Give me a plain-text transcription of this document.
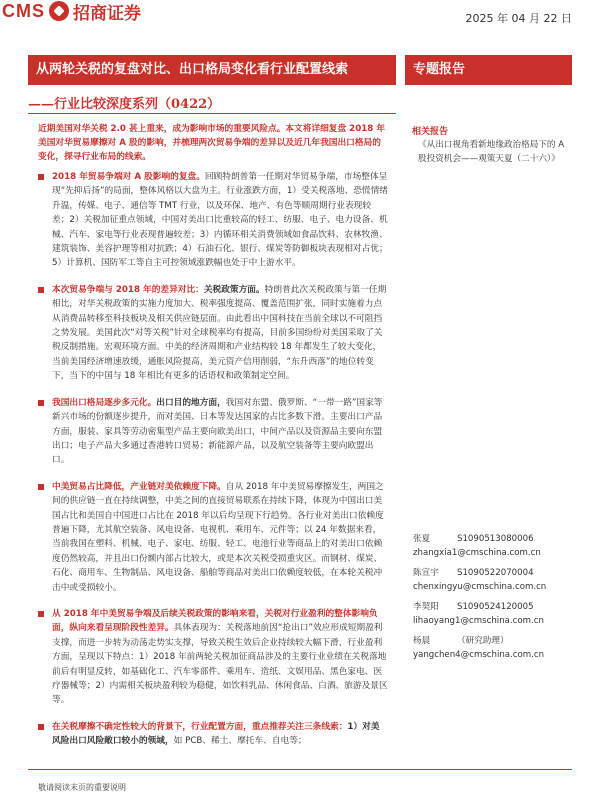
CMS 招商证券	2025 年 04 月 22 日
从两轮关税的复盘对比、出口格局变化看行业配置线索	专题报告
——行业比较深度系列（0422）

近期美国对华关税 2.0 甚上重来，成为影响市场的重要风险点。本文将详细复盘 2018 年美国对华贸易摩擦对 A 股的影响，并梳理两次贸易争端的差异以及近几年我国出口格局的变化，探寻行业布局的线索。

2018 年贸易争端对 A 股影响的复盘。回顾特朗普第一任期对华贸易争端，市场整体呈现“先抑后扬”的局面，整体风格以大盘为主。行业涨跌方面，1）受关税落地、恐慌情绪升温，传媒、电子、通信等 TMT 行业，以及环保、地产、有色等顺周期行业表现较差；2）关税加征重点领域，中国对美出口比重较高的轻工、纺服、电子、电力设备、机械、汽车、家电等行业表现普遍较差；3）内循环相关消费领域如食品饮料、农林牧渔、建筑装饰、美容护理等相对抗跌；4）石油石化、银行、煤炭等防御板块表现相对占优；5）计算机、国防军工等自主可控领域涨跌幅也处于中上游水平。

本次贸易争端与 2018 年的差异对比：关税政策方面。特朗普此次关税政策与第一任期相比，对华关税政策的实施力度加大、税率强度提高、覆盖范围扩张，同时实施着力点从消费品转移至科技板块及相关供应链层面。由此看出中国科技在当前全球以不可阻挡之势发展。美国此次“对等关税”针对全球税率均有提高，目前多国纷纷对美国采取了关税反制措施。宏观环境方面。中美的经济周期和产业结构较 18 年都发生了较大变化，当前美国经济增速放缓，通胀风险提高，美元资产信用削弱，“东升西落”的地位转变下，当下的中国与 18 年相比有更多的话语权和政策制定空间。

我国出口格局逐步多元化。出口目的地方面，我国对东盟、俄罗斯、“一带一路”国家等新兴市场的份额逐步提升，而对美国、日本等发达国家的占比多数下滑。主要出口产品方面，服装、家具等劳动密集型产品主要向欧美出口，中间产品以及资源品主要向东盟出口；电子产品大多通过香港转口贸易；新能源产品，以及航空装备等主要向欧盟出口。

中美贸易占比降低，产业链对美依赖度下降。自从 2018 年中美贸易摩擦发生，两国之间的供应链一直在持续调整，中美之间的直接贸易联系在持续下降，体现为中国出口美国占比和美国自中国进口占比在 2018 年以后均呈现下行趋势。各行业对美出口依赖度普遍下降，尤其航空装备、风电设备、电视机、乘用车、元件等；以 24 年数据来看，当前我国在塑料、机械、电子、家电、纺服、轻工、电池行业等商品上的对美出口依赖度仍然较高，并且出口份额内部占比较大，或是本次关税受损重灾区。而钢材、煤炭、石化、商用车、生物制品、风电设备、船舶等商品对美出口依赖度较低，在本轮关税冲击中或受损较小。

从 2018 年中美贸易争端及后续关税政策的影响来看，关税对行业盈利的整体影响负面，纵向来看呈现阶段性差异。具体表现为：关税落地前因“抢出口”效应形成短期盈利支撑，而进一步转为动荡走势实支撑，导致关税生效后企业持续较大幅下滑，行业盈利方面，呈现以下特点：1）2018 年前两轮关税加征商品涉及的主要行业业绩在关税落地前后有明显反转，如基础化工、汽车零部件、乘用车、造纸、文娱用品、黑色家电、医疗器械等；2）内需相关板块盈利较为稳健，如饮料乳品、休闲食品、白酒、旅游及景区等。

在关税摩擦不确定性较大的背景下，行业配置方面，重点推荐关注三条线索：1）对美风险出口风险敞口较小的领域，如 PCB、稀土、摩托车、自电等；

相关报告
《从出口视角看新地缘政治格局下的 A 股投资机会——观策天夏（二十六）》
张夏	S1090513080006
zhangxia1@cmschina.com.cn
陈宣宇	S1090522070004
chenxingyu@cmschina.com.cn
李契阳	S1090524120005
lihaoyang1@cmschina.com.cn
杨晨	（研究助理）
yangchen4@cmschina.com.cn
敬请阅读末页的重要说明
